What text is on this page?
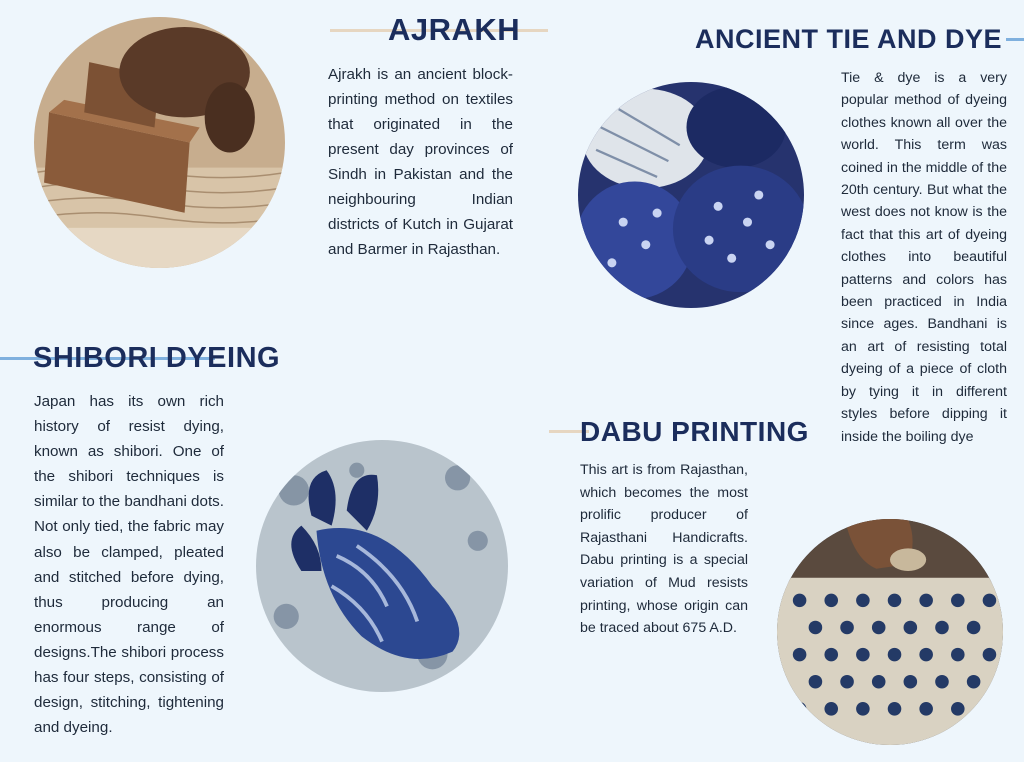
AJRAKH

Ajrakh is an ancient block-printing method on textiles that originated in the present day provinces of Sindh in Pakistan and the neighbouring Indian districts of Kutch in Gujarat and Barmer in Rajasthan.

ANCIENT TIE AND DYE

Tie & dye is a very popular method of dyeing clothes known all over the world. This term was coined in the middle of the 20th century. But what the west does not know is the fact that this art of dyeing clothes into beautiful patterns and colors has been practiced in India since ages. Bandhani is an art of resisting total dyeing of a piece of cloth by tying it in different styles before dipping it inside the boiling dye

SHIBORI DYEING

Japan has its own rich history of resist dying, known as shibori. One of the shibori techniques is similar to the bandhani dots. Not only tied, the fabric may also be clamped, pleated and stitched before dying, thus producing an enormous range of designs.The shibori process has four steps, consisting of design, stitching, tightening and dyeing.

DABU PRINTING

This art is from Rajasthan, which becomes the most prolific producer of Rajasthani Handicrafts. Dabu printing is a special variation of Mud resists printing, whose origin can be traced about 675 A.D.
